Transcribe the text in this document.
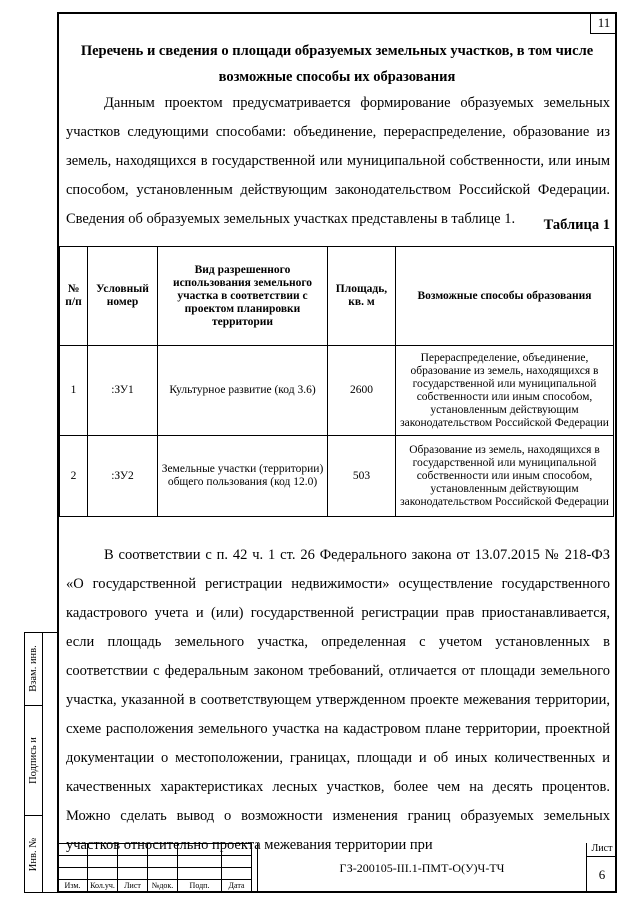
11
Перечень и сведения о площади образуемых земельных участков, в том числе возможные способы их образования

Данным проектом предусматривается формирование образуемых земельных участков следующими способами: объединение, перераспределение, образование из земель, находящихся в государственной или муниципальной собственности, или иным способом, установленным действующим законодательством Российской Федерации. Сведения об образуемых земельных участках представлены в таблице 1.	Таблица 1
№ п/п	Условный номер	Вид разрешенного использования земельного участка в соответствии с проектом планировки территории	Площадь, кв. м	Возможные способы образования
1	:ЗУ1	Культурное развитие (код 3.6)	2600	Перераспределение, объединение, образование из земель, находящихся в государственной или муниципальной собственности или иным способом, установленным действующим законодательством Российской Федерации
2	:ЗУ2	Земельные участки (территории) общего пользования (код 12.0)	503	Образование из земель, находящихся в государственной или муниципальной собственности или иным способом, установленным действующим законодательством Российской Федерации

В соответствии с п. 42 ч. 1 ст. 26 Федерального закона от 13.07.2015 № 218-ФЗ «О государственной регистрации недвижимости» осуществление государственного кадастрового учета и (или) государственной регистрации прав приостанавливается, если площадь земельного участка, определенная с учетом установленных в соответствии с федеральным законом требований, отличается от площади земельного участка, указанной в соответствующем утвержденном проекте межевания территории, схеме расположения земельного участка на кадастровом плане территории, проектной документации о местоположении, границах, площади и об иных количественных и качественных характеристиках лесных участков, более чем на десять процентов. Можно сделать вывод о возможности изменения границ образуемых земельных участков относительно проекта межевания территории при

Взам. инв.
Подпись и
Инв. №

Изм.	Кол.уч.	Лист	№док.	Подп.	Дата
ГЗ-200105-III.1-ПМТ-О(У)Ч-ТЧ
Лист
6
